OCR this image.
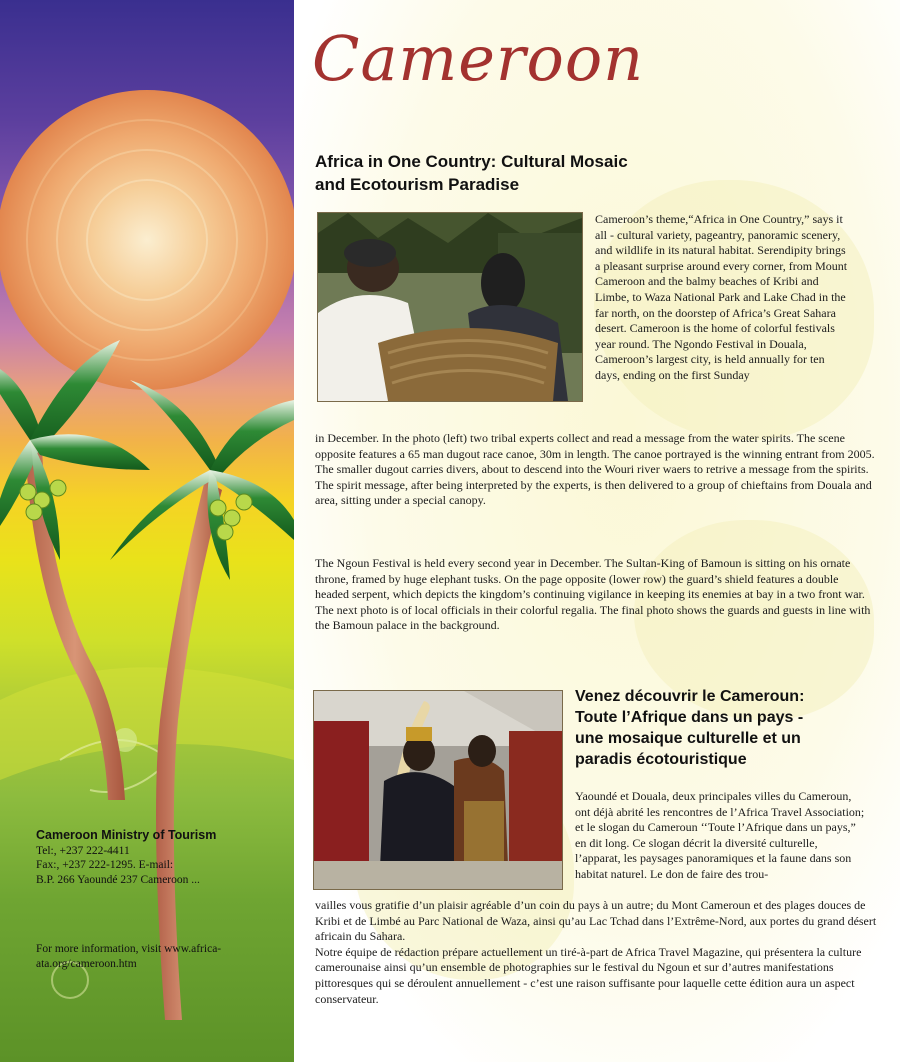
Cameroon Ministry of Tourism
Tel:, +237 222-4411
Fax:, +237 222-1295. E-mail:
B.P. 266 Yaoundé 237 Cameroon ...
For more information, visit www.africa-
ata.org/cameroon.htm
Cameroon
Africa in One Country: Cultural Mosaic
and Ecotourism Paradise
Cameroon’s theme,“Africa in One Country,” says it all - cultural variety, pageantry, panoramic scenery, and wildlife in its natural habitat. Serendipity brings a pleasant surprise around every corner, from Mount Cameroon and the balmy beaches of Kribi and Limbe, to Waza National Park and Lake Chad in the far north, on the doorstep of Africa’s Great Sahara desert. Cameroon is the home of colorful festivals year round. The Ngondo Festival in Douala, Cameroon’s largest city, is held annually for ten days, ending on the first Sunday
in December. In the photo (left) two tribal experts collect and read a message from the water spirits. The scene opposite features a 65 man dugout race canoe, 30m in length. The canoe portrayed is the winning entrant from 2005. The smaller dugout carries divers, about to descend into the Wouri river waers to retrive a message from the spirits. The spirit message, after being interpreted by the experts, is then delivered to a group of chieftains from Douala and area, sitting under a special canopy.
The Ngoun Festival is held every second year in December. The Sultan-King of Bamoun is sitting on his ornate throne, framed by huge elephant tusks. On the page opposite (lower row) the guard’s shield features a double headed serpent, which depicts the kingdom’s continuing vigilance in keeping its enemies at bay in a two front war. The next photo is of local officials in their colorful regalia. The final photo shows the guards and guests in line with the Bamoun palace in the background.
Venez découvrir le Cameroun:
Toute l’Afrique dans un pays -
une mosaique culturelle et un
paradis écotouristique
Yaoundé et Douala, deux principales villes du Cameroun, ont déjà abrité les rencontres de l’Africa Travel Association; et le slogan du Cameroun ‘‘Toute l’Afrique dans un pays,” en dit long. Ce slogan décrit la diversité culturelle, l’apparat, les paysages panoramiques et la faune dans son habitat naturel. Le don de faire des trou-
vailles vous gratifie d’un plaisir agréable d’un coin du pays à un autre; du Mont Cameroun et des plages douces de Kribi et de Limbé au Parc National de Waza, ainsi qu’au Lac Tchad dans l’Extrême-Nord, aux portes du grand désert africain du Sahara.
Notre équipe de rédaction prépare actuellement un tiré-à-part de Africa Travel Magazine, qui présentera la culture camerounaise ainsi qu’un ensemble de photographies sur le festival du Ngoun et sur d’autres manifestations pittoresques qui se déroulent annuellement - c’est une raison suffisante pour laquelle cette édition aura un aspect conservateur.
